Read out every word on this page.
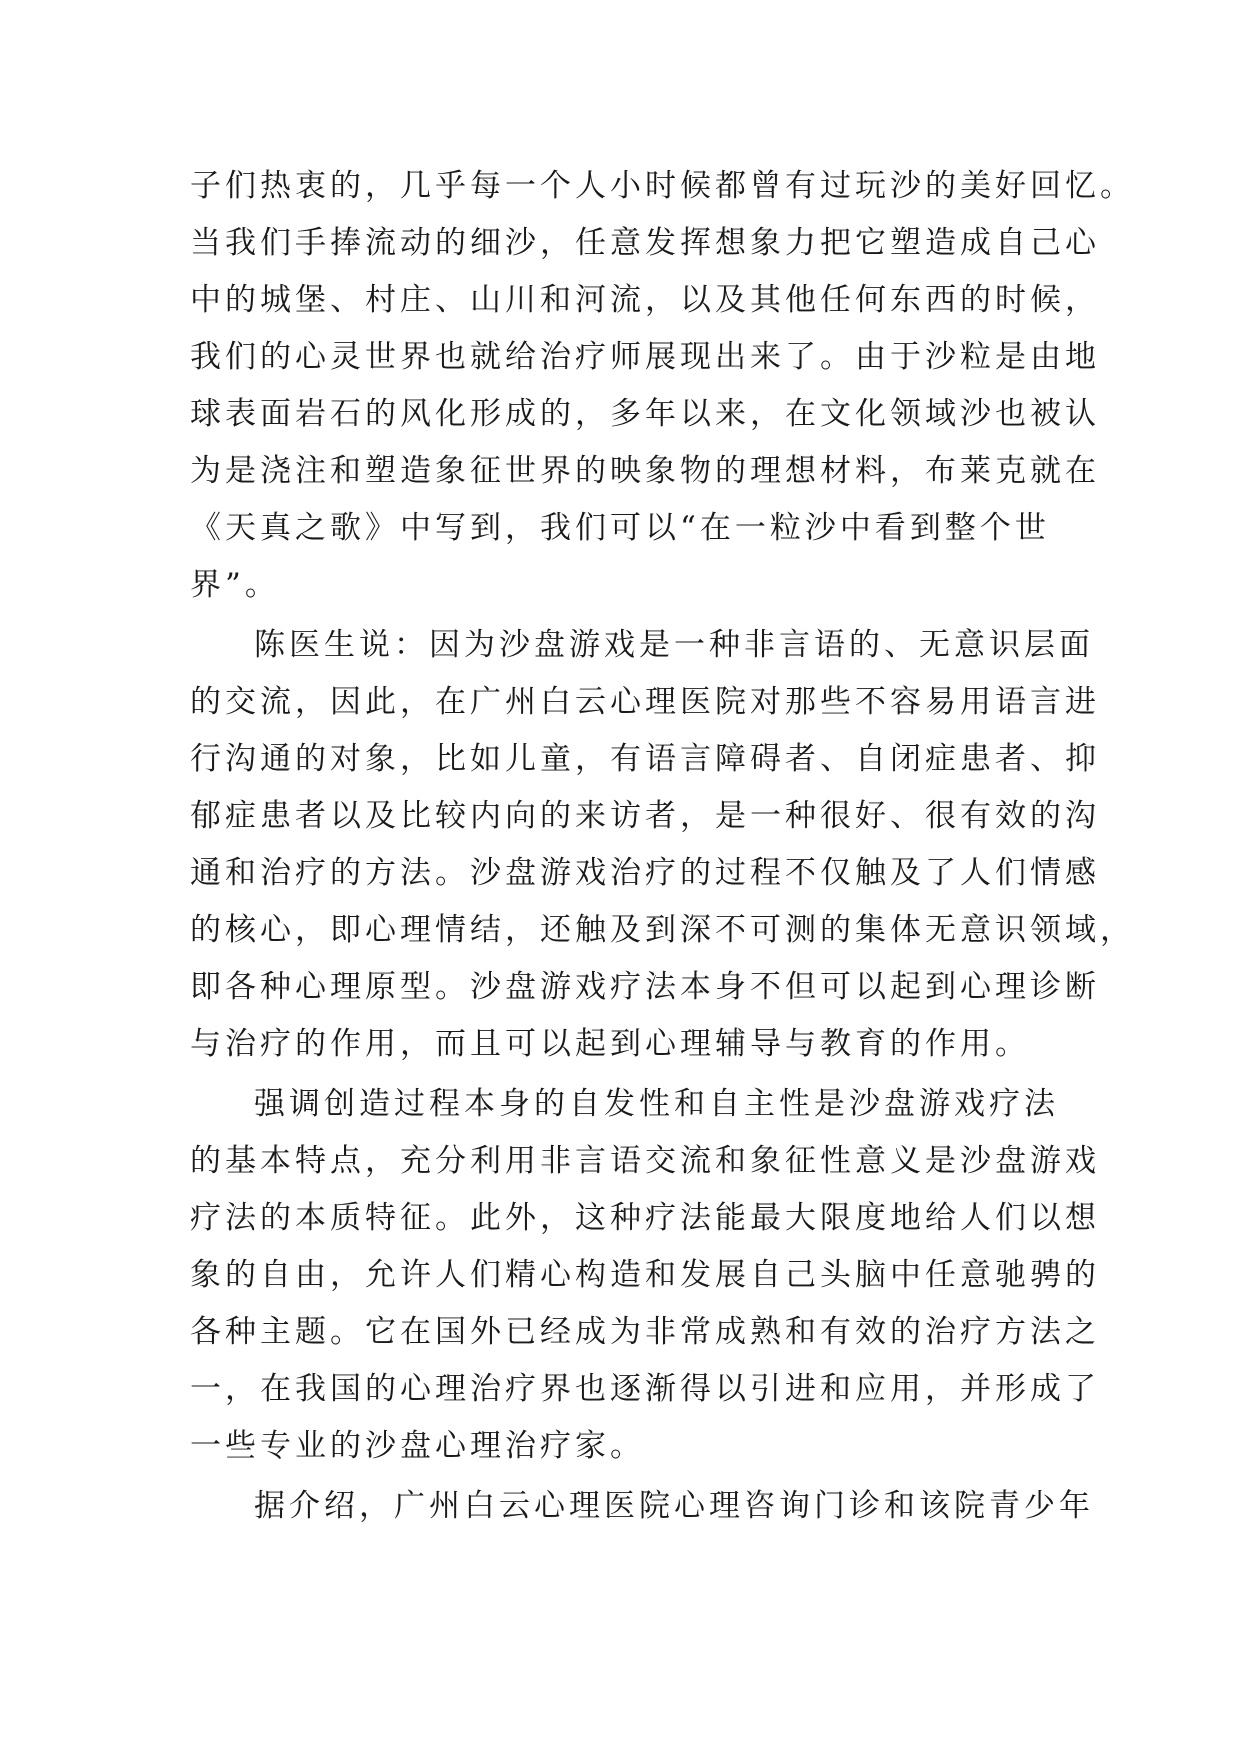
子们热衷的，几乎每一个人小时候都曾有过玩沙的美好回忆。
当我们手捧流动的细沙，任意发挥想象力把它塑造成自己心
中的城堡、村庄、山川和河流，以及其他任何东西的时候，
我们的心灵世界也就给治疗师展现出来了。由于沙粒是由地
球表面岩石的风化形成的，多年以来，在文化领域沙也被认
为是浇注和塑造象征世界的映象物的理想材料，布莱克就在
《天真之歌》中写到，我们可以“在一粒沙中看到整个世
界”。
陈医生说：因为沙盘游戏是一种非言语的、无意识层面
的交流，因此，在广州白云心理医院对那些不容易用语言进
行沟通的对象，比如儿童，有语言障碍者、自闭症患者、抑
郁症患者以及比较内向的来访者，是一种很好、很有效的沟
通和治疗的方法。沙盘游戏治疗的过程不仅触及了人们情感
的核心，即心理情结，还触及到深不可测的集体无意识领域，
即各种心理原型。沙盘游戏疗法本身不但可以起到心理诊断
与治疗的作用，而且可以起到心理辅导与教育的作用。
强调创造过程本身的自发性和自主性是沙盘游戏疗法
的基本特点，充分利用非言语交流和象征性意义是沙盘游戏
疗法的本质特征。此外，这种疗法能最大限度地给人们以想
象的自由，允许人们精心构造和发展自己头脑中任意驰骋的
各种主题。它在国外已经成为非常成熟和有效的治疗方法之
一，在我国的心理治疗界也逐渐得以引进和应用，并形成了
一些专业的沙盘心理治疗家。
据介绍，广州白云心理医院心理咨询门诊和该院青少年
